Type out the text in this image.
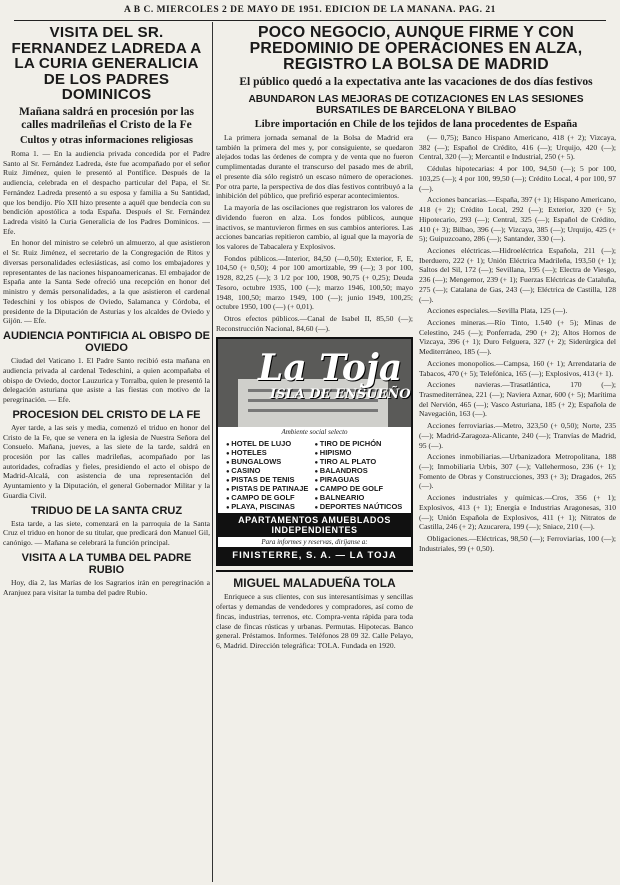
A B C. MIERCOLES 2 DE MAYO DE 1951. EDICION DE LA MAÑANA. PAG. 21
VISITA DEL SR. FERNANDEZ LADREDA A LA CURIA GENERALICIA DE LOS PADRES DOMINICOS
Mañana saldrá en procesión por las calles madrileñas el Cristo de la Fe
Cultos y otras informaciones religiosas

Roma 1. — En la audiencia privada concedida por el Padre Santo al Sr. Fernández Ladreda, éste fue acompañado por el señor Ruiz Jiménez, quien le presentó al Pontífice. Después de la audiencia, celebrada en el despacho particular del Papa, el Sr. Fernández Ladreda presentó a su esposa y familia a Su Santidad, que los bendijo. Pío XII hizo presente a aquél que bendecía con su bendición apostólica a toda España. Después el Sr. Fernández Ladreda visitó la Curia Generalicia de los Padres Dominicos. — Efe.

En honor del ministro se celebró un almuerzo, al que asistieron el Sr. Ruiz Jiménez, el secretario de la Congregación de Ritos y diversas personalidades eclesiásticas, así como los embajadores y representantes de las naciones hispanoamericanas. El embajador de España ante la Santa Sede ofreció una recepción en honor del ministro y demás personalidades, a la que asistieron el cardenal Tedeschini y los obispos de Oviedo, Salamanca y Córdoba, el presidente de la Diputación de Asturias y los alcaldes de Oviedo y Gijón. — Efe.

AUDIENCIA PONTIFICIA AL OBISPO DE OVIEDO

Ciudad del Vaticano 1. El Padre Santo recibió esta mañana en audiencia privada al cardenal Tedeschini, a quien acompañaba el obispo de Oviedo, doctor Lauzurica y Torralba, quien le presentó la delegación asturiana que asiste a las fiestas con motivo de la peregrinación. — Efe.

PROCESION DEL CRISTO DE LA FE

Ayer tarde, a las seis y media, comenzó el triduo en honor del Cristo de la Fe, que se venera en la iglesia de Nuestra Señora del Consuelo. Mañana, jueves, a las siete de la tarde, saldrá en procesión por las calles madrileñas, acompañado por las autoridades, cofradías y fieles, presidiendo el acto el obispo de Madrid-Alcalá, con asistencia de una representación del Ayuntamiento y la Diputación, el general Gobernador Militar y la Guardia Civil.

TRIDUO DE LA SANTA CRUZ

Esta tarde, a las siete, comenzará en la parroquia de la Santa Cruz el triduo en honor de su titular, que predicará don Manuel Gil, canónigo. — Mañana se celebrará la función principal.

VISITA A LA TUMBA DEL PADRE RUBIO

Hoy, día 2, las Marías de los Sagrarios irán en peregrinación a Aranjuez para visitar la tumba del padre Rubio.

POCO NEGOCIO, AUNQUE FIRME Y CON PREDOMINIO DE OPERACIONES EN ALZA, REGISTRO LA BOLSA DE MADRID
El público quedó a la expectativa ante las vacaciones de dos días festivos
ABUNDARON LAS MEJORAS DE COTIZACIONES EN LAS SESIONES BURSATILES DE BARCELONA Y BILBAO
Libre importación en Chile de los tejidos de lana procedentes de España

La primera jornada semanal de la Bolsa de Madrid era también la primera del mes y, por consiguiente, se quedaron alejados todas las órdenes de compra y de venta que no fueron cumplimentadas durante el transcurso del pasado mes de abril, el presente día sólo registró un escaso número de operaciones. Por otra parte, la perspectiva de dos días festivos contribuyó a la inhibición del público, que prefirió esperar acontecimientos.

La mayoría de las oscilaciones que registraron los valores de dividendo fueron en alza. Los fondos públicos, aunque inactivos, se mantuvieron firmes en sus cambios anteriores. Las acciones bancarias repitieron cambio, al igual que la mayoría de los valores de Tabacalera y Explosivos.

Fondos públicos.—Interior, 84,50 (—0,50); Exterior, F, E, 104,50 (+ 0,50); 4 por 100 amortizable, 99 (—); 3 por 100, 1928, 82,25 (—); 3 1/2 por 100, 1908, 90,75 (+ 0,25); Deuda Tesoro, octubre 1935, 100 (—); marzo 1946, 100,50; mayo 1948, 100,50; marzo 1949, 100 (—); junio 1949, 100,25; octubre 1950, 100 (—) (+ 0,01).

Otros efectos públicos.—Canal de Isabel II, 85,50 (—); Reconstrucción Nacional, 84,60 (—).

La Toja
ISLA DE ENSUEÑO
Ambiente social selecto
● HOTEL DE LUJO
● HOTELES
● BUNGALOWS
● CASINO
● PISTAS DE TENIS
● PISTAS DE PATINAJE
● CAMPO DE GOLF
● PLAYA, PISCINAS
● TIRO DE PICHÓN
● HIPISMO
● TIRO AL PLATO
● BALANDROS
● PIRAGUAS
● CAMPO DE GOLF
● BALNEARIO
● DEPORTES NAÚTICOS
APARTAMENTOS AMUEBLADOS INDEPENDIENTES
Para informes y reservas, diríjanse a:
FINISTERRE, S. A. — LA TOJA
MIGUEL MALADUEÑA TOLA

Enriquece a sus clientes, con sus interesantísimas y sencillas ofertas y demandas de vendedores y compradores, así como de fincas, industrias, terrenos, etc. Compra-venta rápida para toda clase de fincas rústicas y urbanas. Permutas. Hipotecas. Banco general. Préstamos. Informes. Teléfonos 28 09 32. Calle Pelayo, 6, Madrid. Dirección telegráfica: TOLA. Fundada en 1920.

(— 0,75); Banco Hispano Americano, 418 (+ 2); Vizcaya, 382 (—); Español de Crédito, 416 (—); Urquijo, 420 (—); Central, 320 (—); Mercantil e Industrial, 250 (+ 5).

Cédulas hipotecarias: 4 por 100, 94,50 (—); 5 por 100, 103,25 (—); 4 por 100, 99,50 (—); Crédito Local, 4 por 100, 97 (—).

Acciones bancarias.—España, 397 (+ 1); Hispano Americano, 418 (+ 2); Crédito Local, 292 (—); Exterior, 320 (+ 5); Hipotecario, 293 (—); Central, 325 (—); Español de Crédito, 410 (+ 3); Bilbao, 396 (—); Vizcaya, 385 (—); Urquijo, 425 (+ 5); Guipuzcoano, 286 (—); Santander, 330 (—).

Acciones eléctricas.—Hidroeléctrica Española, 211 (—); Iberduero, 222 (+ 1); Unión Eléctrica Madrileña, 193,50 (+ 1); Saltos del Sil, 172 (—); Sevillana, 195 (—); Electra de Viesgo, 236 (—); Mengemor, 239 (+ 1); Fuerzas Eléctricas de Cataluña, 275 (—); Catalana de Gas, 243 (—); Eléctrica de Castilla, 128 (—).

Acciones especiales.—Sevilla Plata, 125 (—).

Acciones mineras.—Río Tinto, 1.540 (+ 5); Minas de Celestino, 245 (—); Ponferrada, 290 (+ 2); Altos Hornos de Vizcaya, 396 (+ 1); Duro Felguera, 327 (+ 2); Siderúrgica del Mediterráneo, 185 (—).

Acciones monopolios.—Campsa, 160 (+ 1); Arrendataria de Tabacos, 470 (+ 5); Telefónica, 165 (—); Explosivos, 413 (+ 1).

Acciones navieras.—Trasatlántica, 170 (—); Trasmediterránea, 221 (—); Naviera Aznar, 600 (+ 5); Marítima del Nervión, 465 (—); Vasco Asturiana, 185 (+ 2); Española de Navegación, 163 (—).

Acciones ferroviarias.—Metro, 323,50 (+ 0,50); Norte, 235 (—); Madrid-Zaragoza-Alicante, 240 (—); Tranvías de Madrid, 95 (—).

Acciones inmobiliarias.—Urbanizadora Metropolitana, 188 (—); Inmobiliaria Urbis, 307 (—); Vallehermoso, 236 (+ 1); Fomento de Obras y Construcciones, 393 (+ 3); Dragados, 265 (—).

Acciones industriales y químicas.—Cros, 356 (+ 1); Explosivos, 413 (+ 1); Energía e Industrias Aragonesas, 310 (—); Unión Española de Explosivos, 411 (+ 1); Nitratos de Castilla, 246 (+ 2); Azucarera, 199 (—); Sniace, 210 (—).

Obligaciones.—Eléctricas, 98,50 (—); Ferroviarias, 100 (—); Industriales, 99 (+ 0,50).
